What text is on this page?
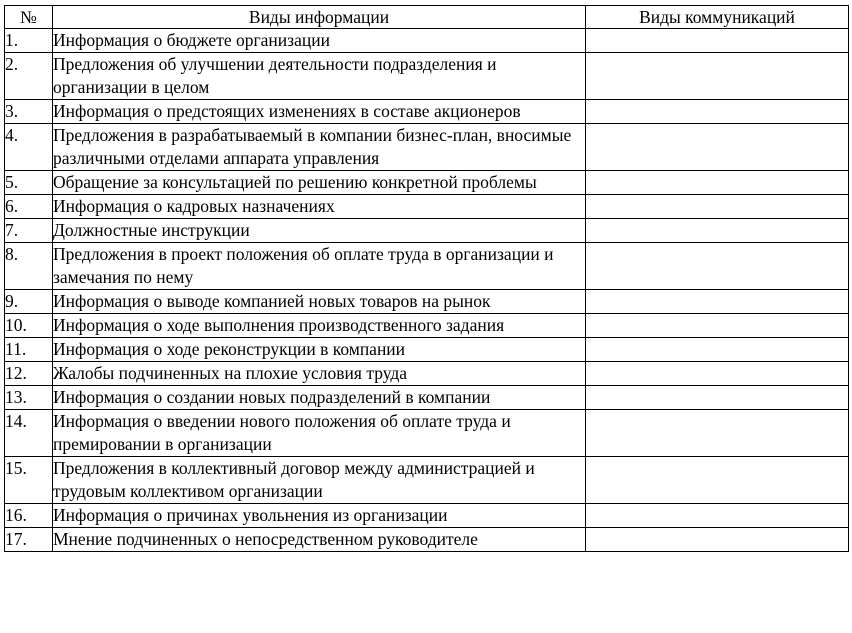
№	Виды информации	Виды коммуникаций
1.	Информация о бюджете организации	
2.	Предложения об улучшении деятельности подразделения и организации в целом	
3.	Информация о предстоящих изменениях в составе акционеров	
4.	Предложения в разрабатываемый в компании бизнес-план, вносимые различными отделами аппарата управления	
5.	Обращение за консультацией по решению конкретной проблемы	
6.	Информация о кадровых назначениях	
7.	Должностные инструкции	
8.	Предложения в проект положения об оплате труда в организации и замечания по нему	
9.	Информация о выводе компанией новых товаров на рынок	
10.	Информация о ходе выполнения производственного задания	
11.	Информация о ходе реконструкции в компании	
12.	Жалобы подчиненных на плохие условия труда	
13.	Информация о создании новых подразделений в компании	
14.	Информация о введении нового положения об оплате труда и премировании в организации	
15.	Предложения в коллективный договор между администрацией и трудовым коллективом организации	
16.	Информация о причинах увольнения из организации	
17.	Мнение подчиненных о непосредственном руководителе	
